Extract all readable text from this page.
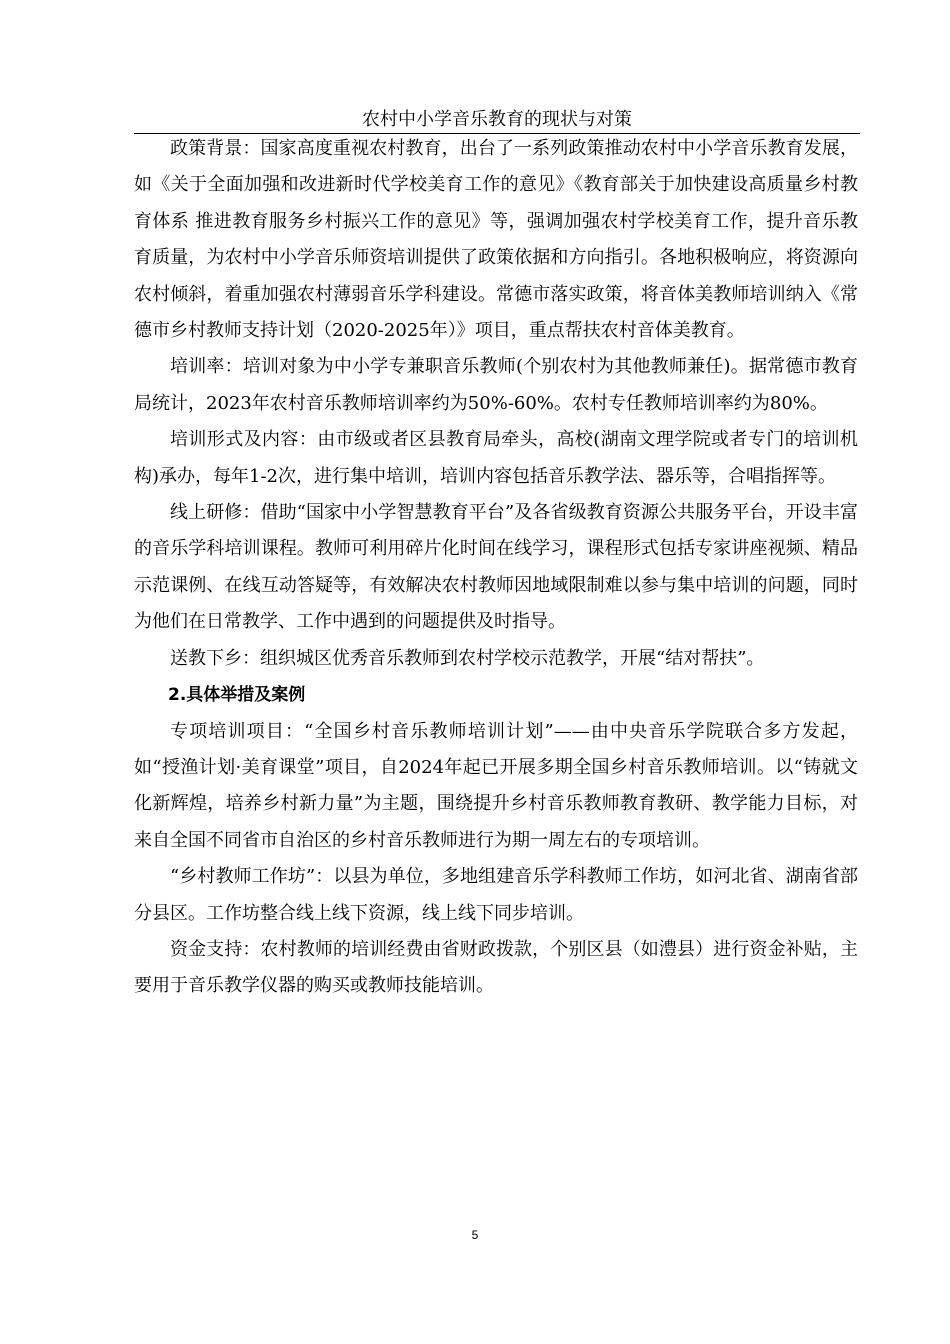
农村中小学音乐教育的现状与对策

政策背景：国家高度重视农村教育，出台了一系列政策推动农村中小学音乐教育发展，如《关于全面加强和改进新时代学校美育工作的意见》《教育部关于加快建设高质量乡村教育体系 推进教育服务乡村振兴工作的意见》等，强调加强农村学校美育工作，提升音乐教育质量，为农村中小学音乐师资培训提供了政策依据和方向指引。各地积极响应，将资源向农村倾斜，着重加强农村薄弱音乐学科建设。常德市落实政策，将音体美教师培训纳入《常德市乡村教师支持计划（2020-2025年）》项目，重点帮扶农村音体美教育。

培训率：培训对象为中小学专兼职音乐教师(个别农村为其他教师兼任)。据常德市教育局统计，2023年农村音乐教师培训率约为50%-60%。农村专任教师培训率约为80%。

培训形式及内容：由市级或者区县教育局牵头，高校(湖南文理学院或者专门的培训机构)承办，每年1-2次，进行集中培训，培训内容包括音乐教学法、器乐等，合唱指挥等。

线上研修：借助“国家中小学智慧教育平台”及各省级教育资源公共服务平台，开设丰富的音乐学科培训课程。教师可利用碎片化时间在线学习，课程形式包括专家讲座视频、精品示范课例、在线互动答疑等，有效解决农村教师因地域限制难以参与集中培训的问题，同时为他们在日常教学、工作中遇到的问题提供及时指导。

送教下乡：组织城区优秀音乐教师到农村学校示范教学，开展“结对帮扶”。

2.具体举措及案例

专项培训项目：“全国乡村音乐教师培训计划”——由中央音乐学院联合多方发起，如“授渔计划·美育课堂”项目，自2024年起已开展多期全国乡村音乐教师培训。以“铸就文化新辉煌，培养乡村新力量”为主题，围绕提升乡村音乐教师教育教研、教学能力目标，对来自全国不同省市自治区的乡村音乐教师进行为期一周左右的专项培训。

“乡村教师工作坊”：以县为单位，多地组建音乐学科教师工作坊，如河北省、湖南省部分县区。工作坊整合线上线下资源，线上线下同步培训。

资金支持：农村教师的培训经费由省财政拨款，个别区县（如澧县）进行资金补贴，主要用于音乐教学仪器的购买或教师技能培训。

5
